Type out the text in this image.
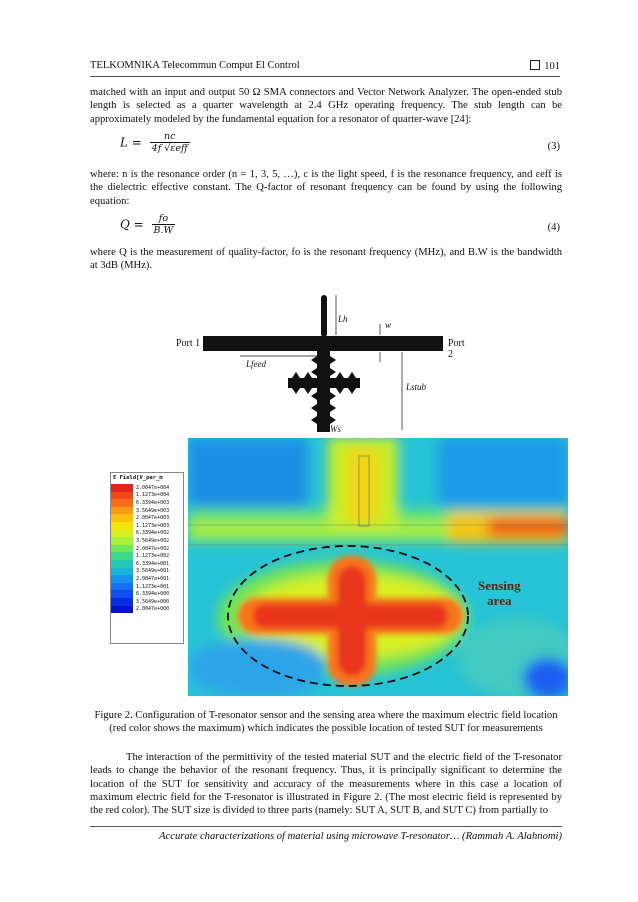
TELKOMNIKA Telecommun Comput El Control	101
matched with an input and output 50 Ω SMA connectors and Vector Network Analyzer. The open-ended stub length is selected as a quarter wavelength at 2.4 GHz operating frequency. The stub length can be approximately modeled by the fundamental equation for a resonator of quarter-wave [24]:
$L = \frac{nc}{\text{4f √εeff}}$	(3)
where: n is the resonance order (n = 1, 3, 5, …), c is the light speed, f is the resonance frequency, and εeff is the dielectric effective constant. The Q-factor of resonant frequency can be found by using the following equation:
$Q = \frac{fo}{B.W}$	(4)
where Q is the measurement of quality-factor, fo is the resonant frequency (MHz), and B.W is the bandwidth at 3dB (MHz).
Port 1	Port 2
Lh
w
Lfeed
Lstub
Ws
Sensing
area
E Field[V_per_m
2.0047e+004
1.1273e+004
6.3394e+003
3.5649e+003
2.0047e+003
1.1273e+003
6.3394e+002
3.5649e+002
2.0047e+002
1.1273e+002
6.3394e+001
3.5649e+001
2.0047e+001
1.1273e+001
6.3394e+000
3.5649e+000
2.0047e+000
Figure 2. Configuration of T-resonator sensor and the sensing area where the maximum electric field location (red color shows the maximum) which indicates the possible location of tested SUT for measurements
The interaction of the permittivity of the tested material SUT and the electric field of the T-resonator leads to change the behavior of the resonant frequency. Thus, it is principally significant to determine the location of the SUT for sensitivity and accuracy of the measurements where in this case a location of maximum electric field for the T-resonator is illustrated in Figure 2. (The most electric field is represented by the red color). The SUT size is divided to three parts (namely: SUT A, SUT B, and SUT C) from partially to
Accurate characterizations of material using microwave T-resonator… (Rammah A. Alahnomi)
